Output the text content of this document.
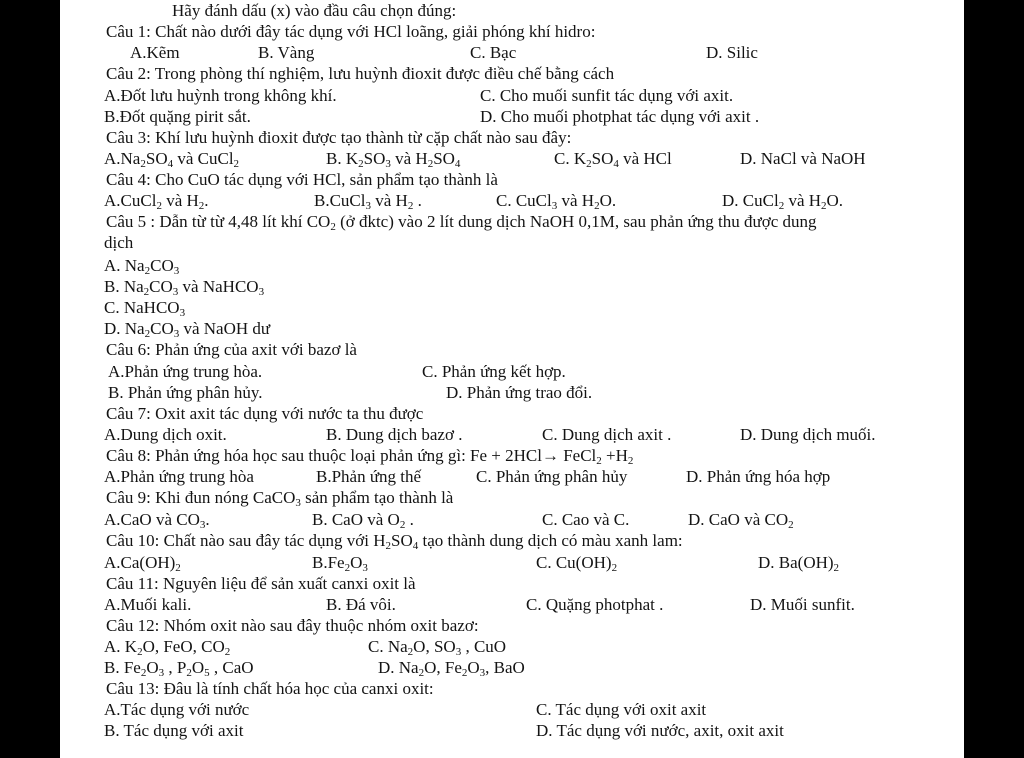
Hãy đánh dấu (x) vào đầu câu chọn đúng:
Câu 1: Chất nào dưới đây tác dụng với HCl loãng, giải phóng khí hidro:
A.Kẽm	B. Vàng	C. Bạc	D. Silic
Câu 2: Trong phòng thí nghiệm, lưu huỳnh đioxit được điều chế bằng cách
A.Đốt lưu huỳnh trong không khí.	C. Cho muối sunfit tác dụng với axit.
B.Đốt quặng pirit sắt.	D. Cho muối photphat tác dụng với axit .
Câu 3: Khí lưu huỳnh đioxit được tạo thành từ cặp chất nào sau đây:
$A.Na_2SO_4$ và CuCl$_2$	B. $K_2SO_3$ và $H_2SO_4$	C. $K_2SO_4$ và HCl	D. NaCl và NaOH
Câu 4: Cho CuO tác dụng với HCl, sản phẩm tạo thành là
A.CuCl$_2$ và $H_2$.	B.CuCl$_3$ và $H_2$ .	C. CuCl$_3$ và $H_2O$.	D. CuCl$_2$ và $H_2O$.
Câu 5 : Dẫn từ từ 4,48 lít khí $CO_2$ (ở đktc) vào 2 lít dung dịch NaOH 0,1M, sau phản ứng thu được dung
dịch
A. $Na_2CO_3$
B. $Na_2CO_3$ và NaHCO$_3$
C. NaHCO$_3$
D. $Na_2CO_3$ và NaOH dư
Câu 6: Phản ứng của axit với bazơ là
A.Phản ứng trung hòa.	C. Phản ứng kết hợp.
B. Phản ứng phân hủy.	D. Phản ứng trao đổi.
Câu 7: Oxit axit tác dụng với nước ta thu được
A.Dung dịch oxit.	B. Dung dịch bazơ .	C. Dung dịch axit .	D. Dung dịch muối.
Câu 8: Phản ứng hóa học sau thuộc loại phản ứng gì: Fe + 2HCl→ FeCl$_2$ $+H_2$
A.Phản ứng trung hòa	B.Phản ứng thế	C. Phản ứng phân hủy	D. Phản ứng hóa hợp
Câu 9: Khi đun nóng CaCO$_3$ sản phẩm tạo thành là
A.CaO và $CO_3$.	B. CaO và $O_2$ .	C. Cao và C.	D. CaO và $CO_2$
Câu 10: Chất nào sau đây tác dụng với $H_2SO_4$ tạo thành dung dịch có màu xanh lam:
$A.Ca(OH)_2$	$B.Fe_2O_3$	C. $Cu(OH)_2$	D. $Ba(OH)_2$
Câu 11: Nguyên liệu để sản xuất canxi oxit là
A.Muối kali.	B. Đá vôi.	C. Quặng photphat .	D. Muối sunfit.
Câu 12: Nhóm oxit nào sau đây thuộc nhóm oxit bazơ:
A. $K_2O$, FeO, $CO_2$	C. $Na_2O$, $SO_3$ , CuO
B. $Fe_2O_3$ , $P_2O_5$ , CaO	D. $Na_2O$, $Fe_2O_3$, BaO
Câu 13: Đâu là tính chất hóa học của canxi oxit:
A.Tác dụng với nước	C. Tác dụng với oxit axit
B. Tác dụng với axit	D. Tác dụng với nước, axit, oxit axit
